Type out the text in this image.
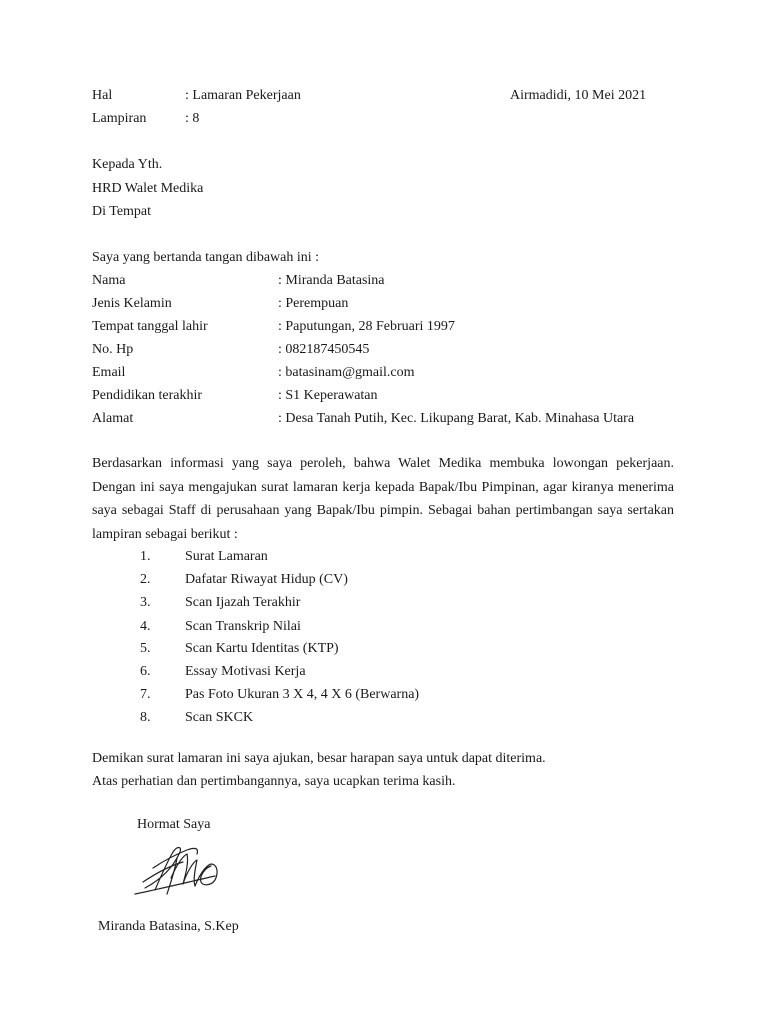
Hal	: Lamaran Pekerjaan	Airmadidi, 10 Mei 2021
Lampiran	: 8
Kepada Yth.
HRD Walet Medika
Di Tempat
Saya yang bertanda tangan dibawah ini :
Nama	: Miranda Batasina
Jenis Kelamin	: Perempuan
Tempat tanggal lahir	: Paputungan, 28 Februari 1997
No. Hp	: 082187450545
Email	: batasinam@gmail.com
Pendidikan terakhir	: S1 Keperawatan
Alamat	: Desa Tanah Putih, Kec. Likupang Barat, Kab. Minahasa Utara
Berdasarkan informasi yang saya peroleh, bahwa Walet Medika membuka lowongan pekerjaan. Dengan ini saya mengajukan surat lamaran kerja kepada Bapak/Ibu Pimpinan, agar kiranya menerima saya sebagai Staff di perusahaan yang Bapak/Ibu pimpin. Sebagai bahan pertimbangan saya sertakan lampiran sebagai berikut :
1. Surat Lamaran
2. Dafatar Riwayat Hidup (CV)
3. Scan Ijazah Terakhir
4. Scan Transkrip Nilai
5. Scan Kartu Identitas (KTP)
6. Essay Motivasi Kerja
7. Pas Foto Ukuran 3 X 4, 4 X 6 (Berwarna)
8. Scan SKCK
Demikan surat lamaran ini saya ajukan, besar harapan saya untuk dapat diterima.
Atas perhatian dan pertimbangannya, saya ucapkan terima kasih.
Hormat Saya
Miranda Batasina, S.Kep
